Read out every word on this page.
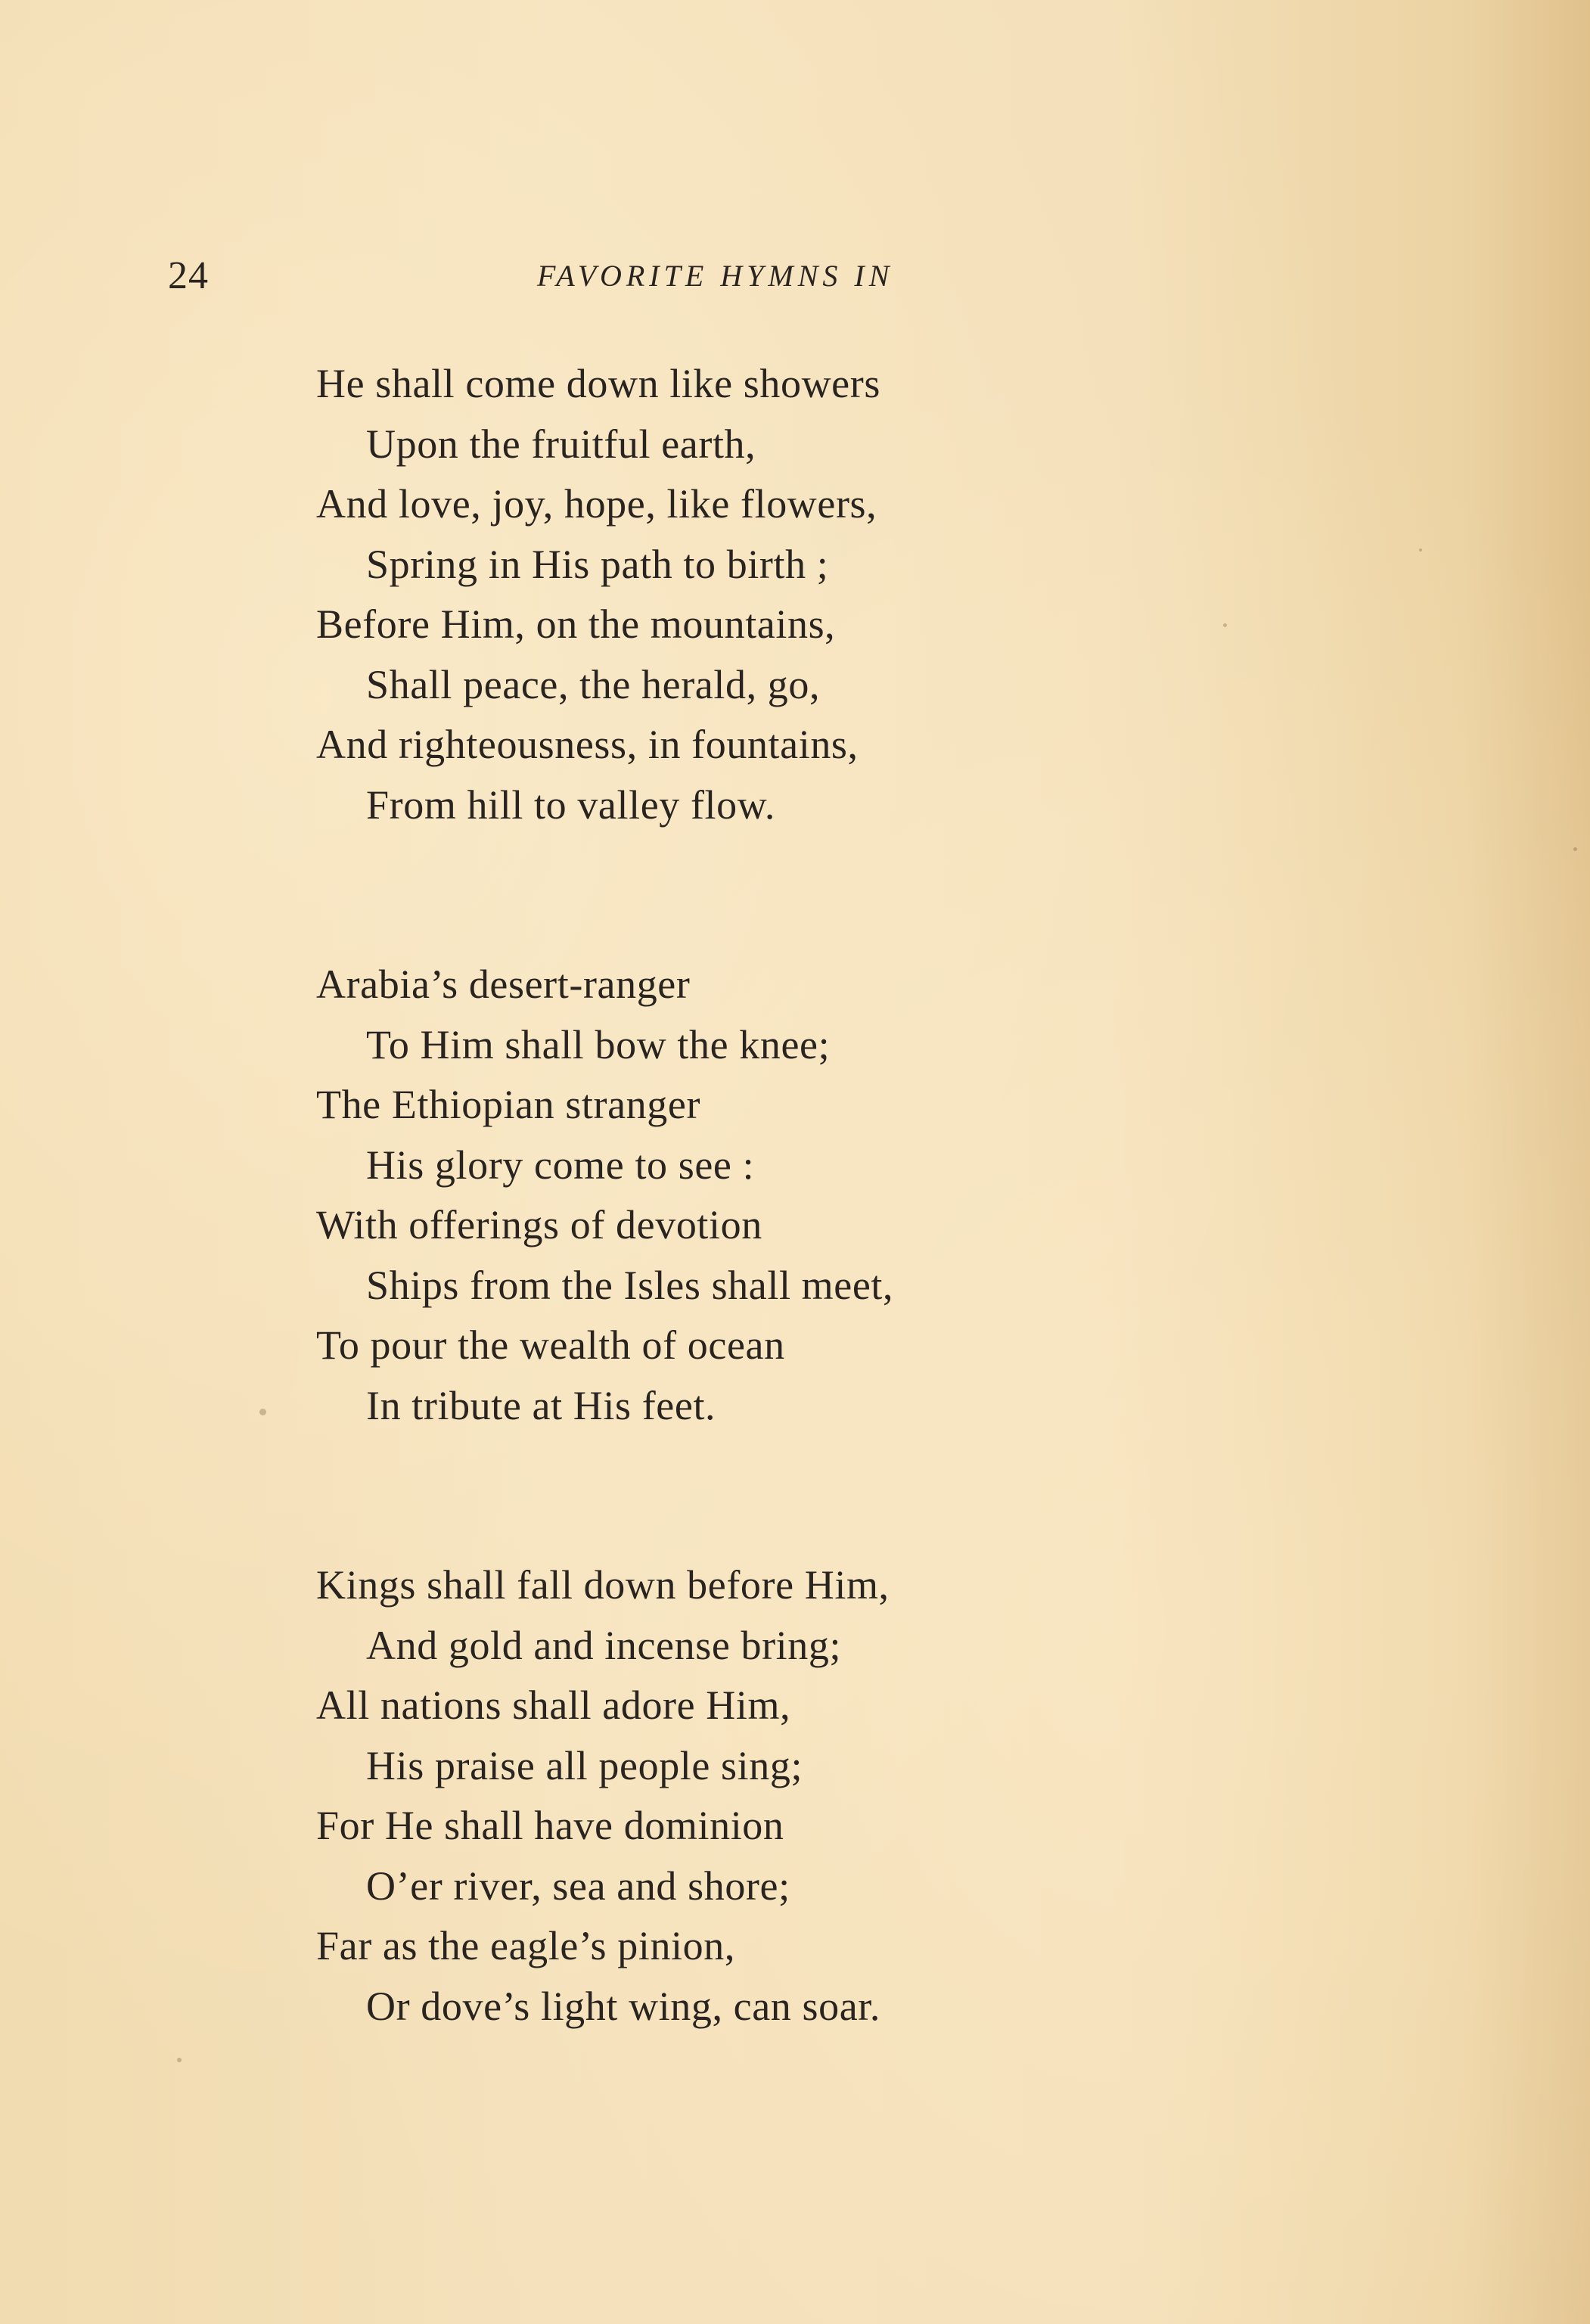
24	FAVORITE HYMNS IN
He shall come down like showers
Upon the fruitful earth,
And love, joy, hope, like flowers,
Spring in His path to birth ;
Before Him, on the mountains,
Shall peace, the herald, go,
And righteousness, in fountains,
From hill to valley flow.
Arabia’s desert-ranger
To Him shall bow the knee;
The Ethiopian stranger
His glory come to see :
With offerings of devotion
Ships from the Isles shall meet,
To pour the wealth of ocean
In tribute at His feet.
Kings shall fall down before Him,
And gold and incense bring;
All nations shall adore Him,
His praise all people sing;
For He shall have dominion
O’er river, sea and shore;
Far as the eagle’s pinion,
Or dove’s light wing, can soar.
